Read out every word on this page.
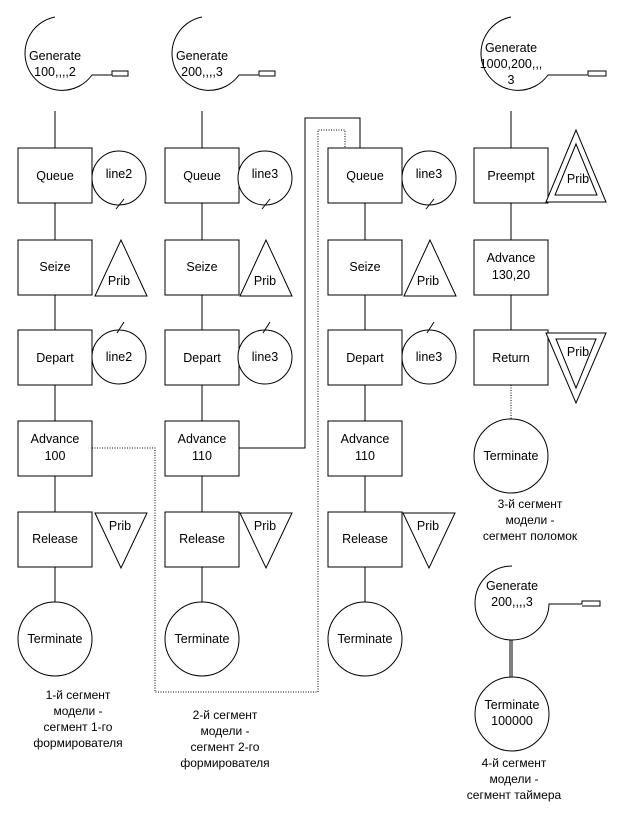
Generate
100,,,,2
Queue	line2
Seize
Prib
Depart	line2
Advance
100
Release
Prib
Terminate
1-й сегмент
модели -
сегмент 1-го
формирователя
Generate
200,,,,3
Queue line3
Seize
Prib
Depart line3
Advance
110
Release
Prib
Terminate
2-й сегмент
модели -
сегмент 2-го
формирователя
Queue	line3
Seize
Prib
Depart	line3
Advance
110
Release
Prib
Terminate
Generate
1000,200,,,
3
Preempt	Prib
Advance
130,20
Return	Prib
Terminate
3-й сегмент
модели -
сегмент поломок
Generate
200,,,,3
Terminate
100000
4-й сегмент
модели -
сегмент таймера
